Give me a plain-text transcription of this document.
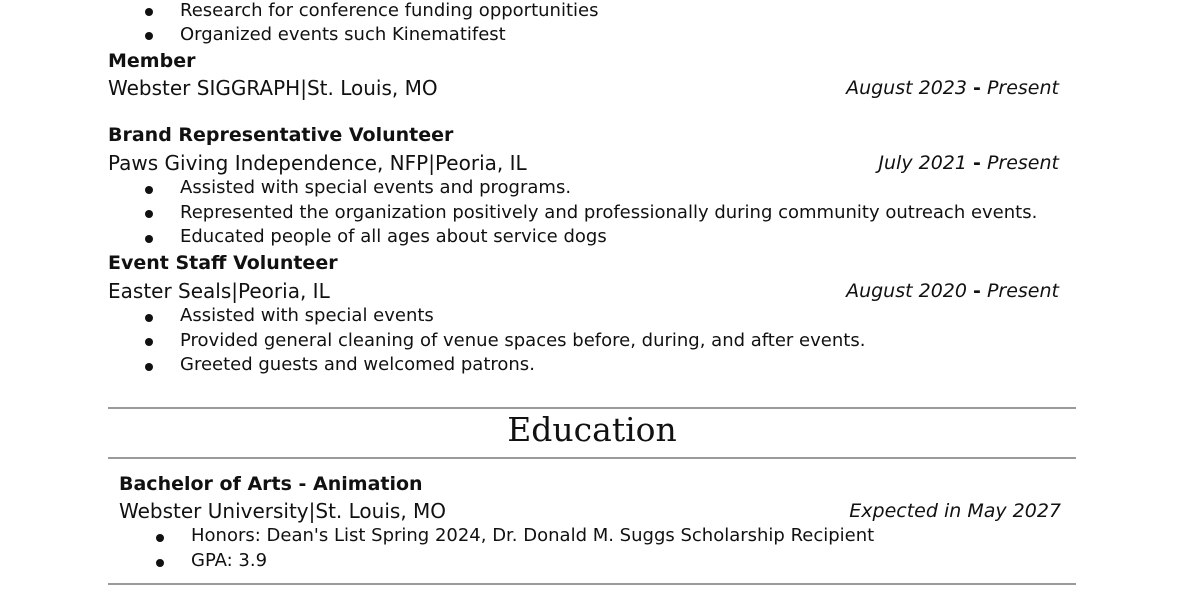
Research for conference funding opportunities
Organized events such Kinematifest
Member
Webster SIGGRAPH|St. Louis, MO	August 2023 - Present
Brand Representative Volunteer
Paws Giving Independence, NFP|Peoria, IL	July 2021 - Present
Assisted with special events and programs.
Represented the organization positively and professionally during community outreach events.
Educated people of all ages about service dogs
Event Staff Volunteer
Easter Seals|Peoria, IL	August 2020 - Present
Assisted with special events
Provided general cleaning of venue spaces before, during, and after events.
Greeted guests and welcomed patrons.
Education
Bachelor of Arts - Animation
Webster University|St. Louis, MO	Expected in May 2027
Honors: Dean's List Spring 2024, Dr. Donald M. Suggs Scholarship Recipient
GPA: 3.9
